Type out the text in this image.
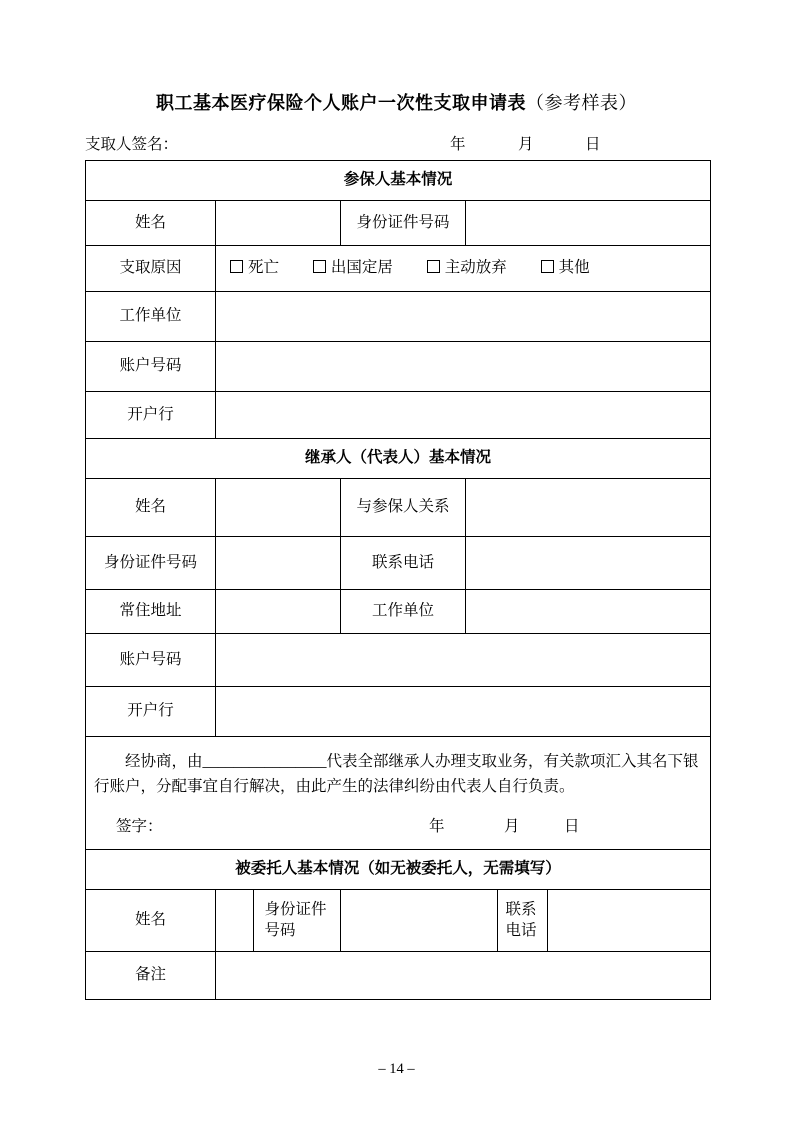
职工基本医疗保险个人账户一次性支取申请表（参考样表）
支取人签名：	年	月	日
参保人基本情况						
姓名			身份证件号码			
支取原因	死亡 出国定居 主动放弃 其他					
工作单位						
账户号码						
开户行						
继承人（代表人）基本情况						
姓名			与参保人关系			
身份证件号码			联系电话			
常住地址			工作单位			
账户号码						
开户行						

经协商，由________________代表全部继承人办理支取业务，有关款项汇入其名下银行账户，分配事宜自行解决，由此产生的法律纠纷由代表人自行负责。

签字： 年 月 日						

被委托人基本情况（如无被委托人，无需填写）						
姓名		身份证件号码			联系电话	
备注						
– 14 –
